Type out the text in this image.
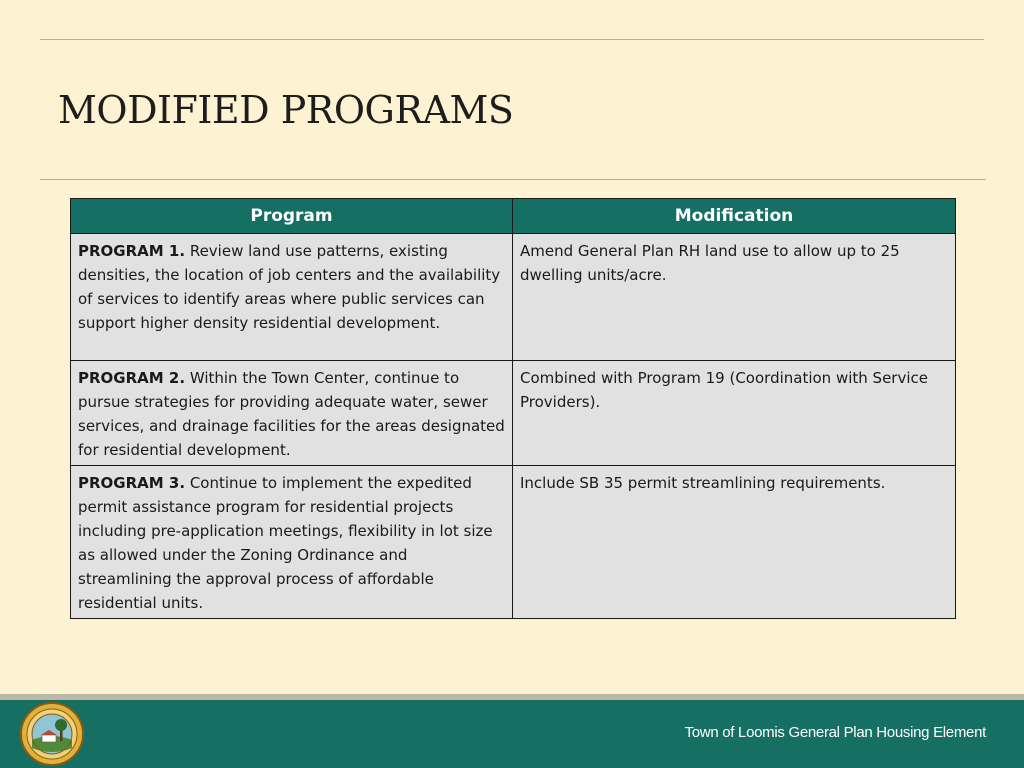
MODIFIED PROGRAMS
Program	Modification
PROGRAM 1. Review land use patterns, existing densities, the location of job centers and the availability of services to identify areas where public services can support higher density residential development.	Amend General Plan RH land use to allow up to 25 dwelling units/acre.
PROGRAM 2. Within the Town Center, continue to pursue strategies for providing adequate water, sewer services, and drainage facilities for the areas designated for residential development.	Combined with Program 19 (Coordination with Service Providers).
PROGRAM 3. Continue to implement the expedited permit assistance program for residential projects including pre-application meetings, flexibility in lot size as allowed under the Zoning Ordinance and streamlining the approval process of affordable residential units.	Include SB 35 permit streamlining requirements.
Town of Loomis General Plan Housing Element
